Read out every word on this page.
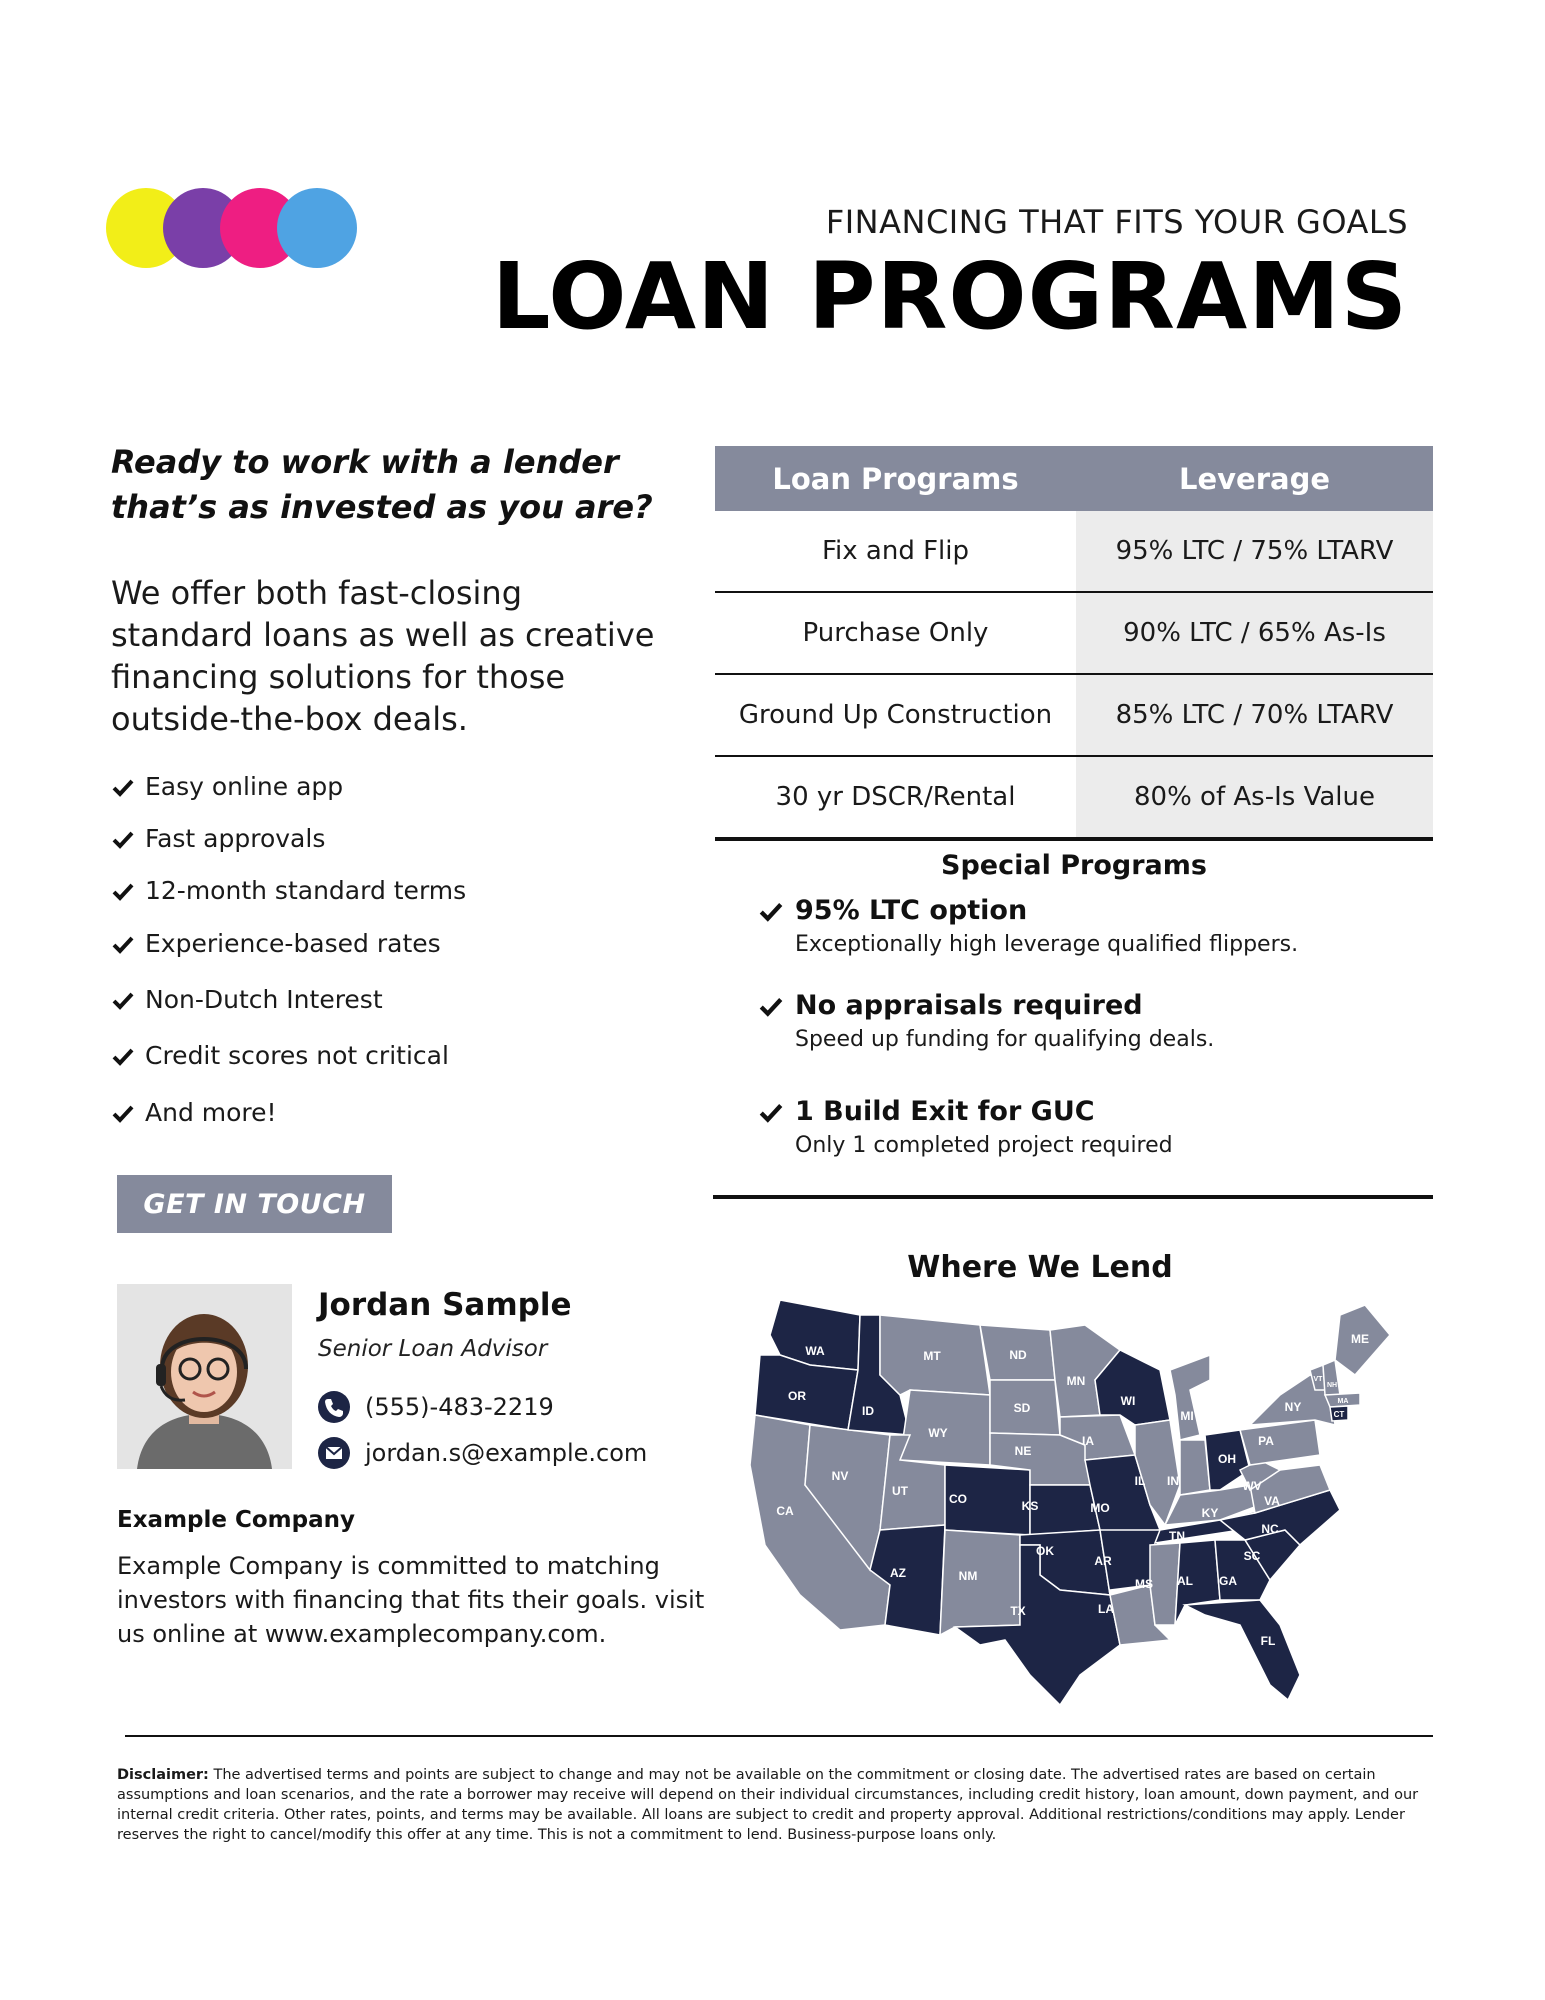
FINANCING THAT FITS YOUR GOALS
LOAN PROGRAMS
Ready to work with a lender that’s as invested as you are?
We offer both fast-closing standard loans as well as creative financing solutions for those outside-the-box deals.
Easy online app
Fast approvals
12-month standard terms
Experience-based rates
Non-Dutch Interest
Credit scores not critical
And more!
GET IN TOUCH
Jordan Sample
Senior Loan Advisor
(555)-483-2219
jordan.s@example.com
Example Company
Example Company is committed to matching investors with financing that fits their goals. visit us online at www.examplecompany.com.
Loan Programs	Leverage
Fix and Flip	95% LTC / 75% LTARV
Purchase Only	90% LTC / 65% As-Is
Ground Up Construction	85% LTC / 70% LTARV
30 yr DSCR/Rental	80% of As-Is Value
Special Programs
95% LTC option
Exceptionally high leverage qualified flippers.
No appraisals required
Speed up funding for qualifying deals.
1 Build Exit for GUC
Only 1 completed project required
Where We Lend
WA
OR
CA
NV
ID
MT
WY
UT
AZ
CO
NM
ND
SD
NE
KS
OK
TX
MN
IA
MO
AR
LA
WI
IL
MI
IN
OH
KY
TN
MS AL GA
FL
SC
NC
VA
WV
PA
NY
VT
NH
MA
CT
ME
Disclaimer: The advertised terms and points are subject to change and may not be available on the commitment or closing date. The advertised rates are based on certain assumptions and loan scenarios, and the rate a borrower may receive will depend on their individual circumstances, including credit history, loan amount, down payment, and our internal credit criteria. Other rates, points, and terms may be available. All loans are subject to credit and property approval. Additional restrictions/conditions may apply. Lender reserves the right to cancel/modify this offer at any time. This is not a commitment to lend. Business-purpose loans only.
